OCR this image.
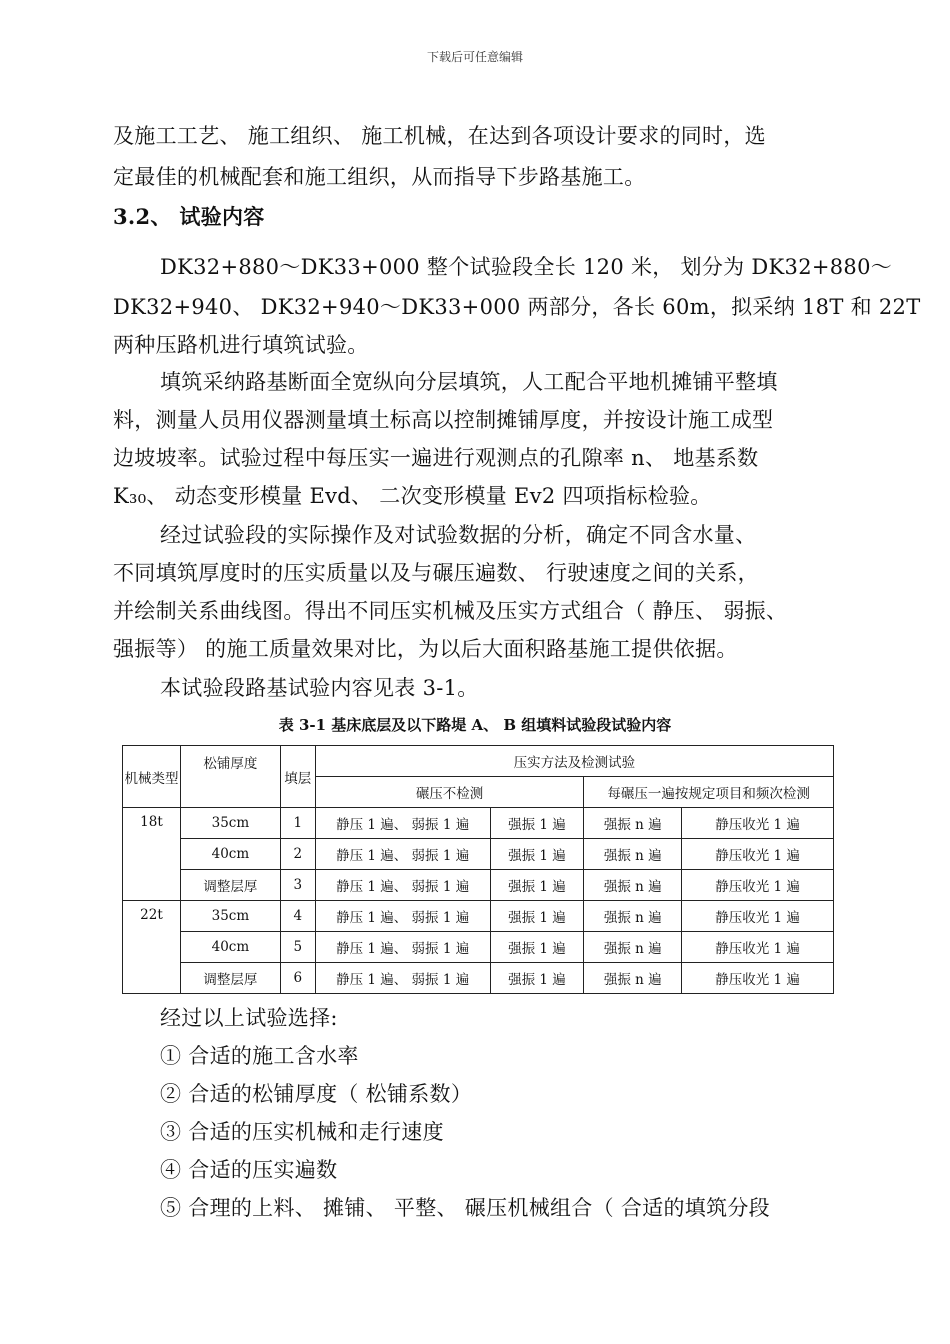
下载后可任意编辑
及施工工艺、 施工组织、 施工机械，在达到各项设计要求的同时，选
定最佳的机械配套和施工组织，从而指导下步路基施工。
3.2、 试验内容
DK32+880～DK33+000 整个试验段全长 120 米， 划分为 DK32+880～
DK32+940、 DK32+940～DK33+000 两部分，各长 60m，拟采纳 18T 和 22T
两种压路机进行填筑试验。
填筑采纳路基断面全宽纵向分层填筑，人工配合平地机摊铺平整填
料，测量人员用仪器测量填土标高以控制摊铺厚度，并按设计施工成型
边坡坡率。试验过程中每压实一遍进行观测点的孔隙率 n、 地基系数
K₃₀、 动态变形模量 Evd、 二次变形模量 Ev2 四项指标检验。
经过试验段的实际操作及对试验数据的分析，确定不同含水量、
不同填筑厚度时的压实质量以及与碾压遍数、 行驶速度之间的关系，
并绘制关系曲线图。得出不同压实机械及压实方式组合（ 静压、 弱振、
强振等） 的施工质量效果对比，为以后大面积路基施工提供依据。
本试验段路基试验内容见表 3-1。
表 3-1 基床底层及以下路堤 A、 B 组填料试验段试验内容
机械类型	松铺厚度	填层	压实方法及检测试验			
			碾压不检测		每碾压一遍按规定项目和频次检测	
18t	35cm	1	静压 1 遍、 弱振 1 遍	强振 1 遍	强振 n 遍	静压收光 1 遍
	40cm	2	静压 1 遍、 弱振 1 遍	强振 1 遍	强振 n 遍	静压收光 1 遍
	调整层厚	3	静压 1 遍、 弱振 1 遍	强振 1 遍	强振 n 遍	静压收光 1 遍
22t	35cm	4	静压 1 遍、 弱振 1 遍	强振 1 遍	强振 n 遍	静压收光 1 遍
	40cm	5	静压 1 遍、 弱振 1 遍	强振 1 遍	强振 n 遍	静压收光 1 遍
	调整层厚	6	静压 1 遍、 弱振 1 遍	强振 1 遍	强振 n 遍	静压收光 1 遍
经过以上试验选择:
① 合适的施工含水率
② 合适的松铺厚度（ 松铺系数）
③ 合适的压实机械和走行速度
④ 合适的压实遍数
⑤ 合理的上料、 摊铺、 平整、 碾压机械组合（ 合适的填筑分段
